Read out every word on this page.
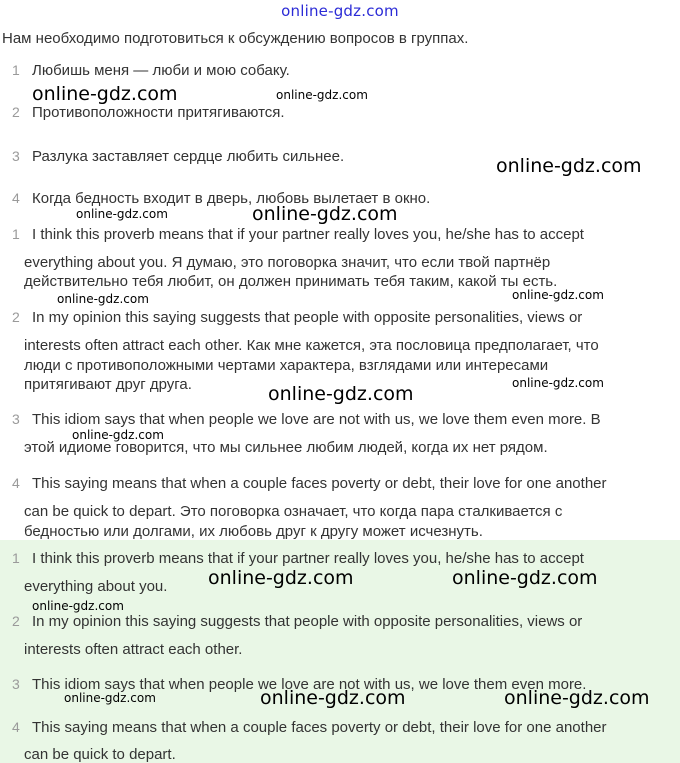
online-gdz.com
Нам необходимо подготовиться к обсуждению вопросов в группах.
1 Любишь меня — люби и мою собаку.
2 Противоположности притягиваются.
3 Разлука заставляет сердце любить сильнее.
4 Когда бедность входит в дверь, любовь вылетает в окно.
1 I think this proverb means that if your partner really loves you, he/she has to accept
everything about you. Я думаю, это поговорка значит, что если твой партнёр
действительно тебя любит, он должен принимать тебя таким, какой ты есть.
2 In my opinion this saying suggests that people with opposite personalities, views or
interests often attract each other. Как мне кажется, эта пословица предполагает, что
люди с противоположными чертами характера, взглядами или интересами
притягивают друг друга.
3 This idiom says that when people we love are not with us, we love them even more. В
этой идиоме говорится, что мы сильнее любим людей, когда их нет рядом.
4 This saying means that when a couple faces poverty or debt, their love for one another
can be quick to depart. Это поговорка означает, что когда пара сталкивается с
бедностью или долгами, их любовь друг к другу может исчезнуть.
1 I think this proverb means that if your partner really loves you, he/she has to accept
everything about you.
2 In my opinion this saying suggests that people with opposite personalities, views or
interests often attract each other.
3 This idiom says that when people we love are not with us, we love them even more.
4 This saying means that when a couple faces poverty or debt, their love for one another
can be quick to depart.
online-gdz.com	online-gdz.com
online-gdz.com
online-gdz.com	online-gdz.com
online-gdz.com	online-gdz.com
online-gdz.com	online-gdz.com
online-gdz.com
online-gdz.com	online-gdz.com
online-gdz.com
online-gdz.com	online-gdz.com	online-gdz.com
